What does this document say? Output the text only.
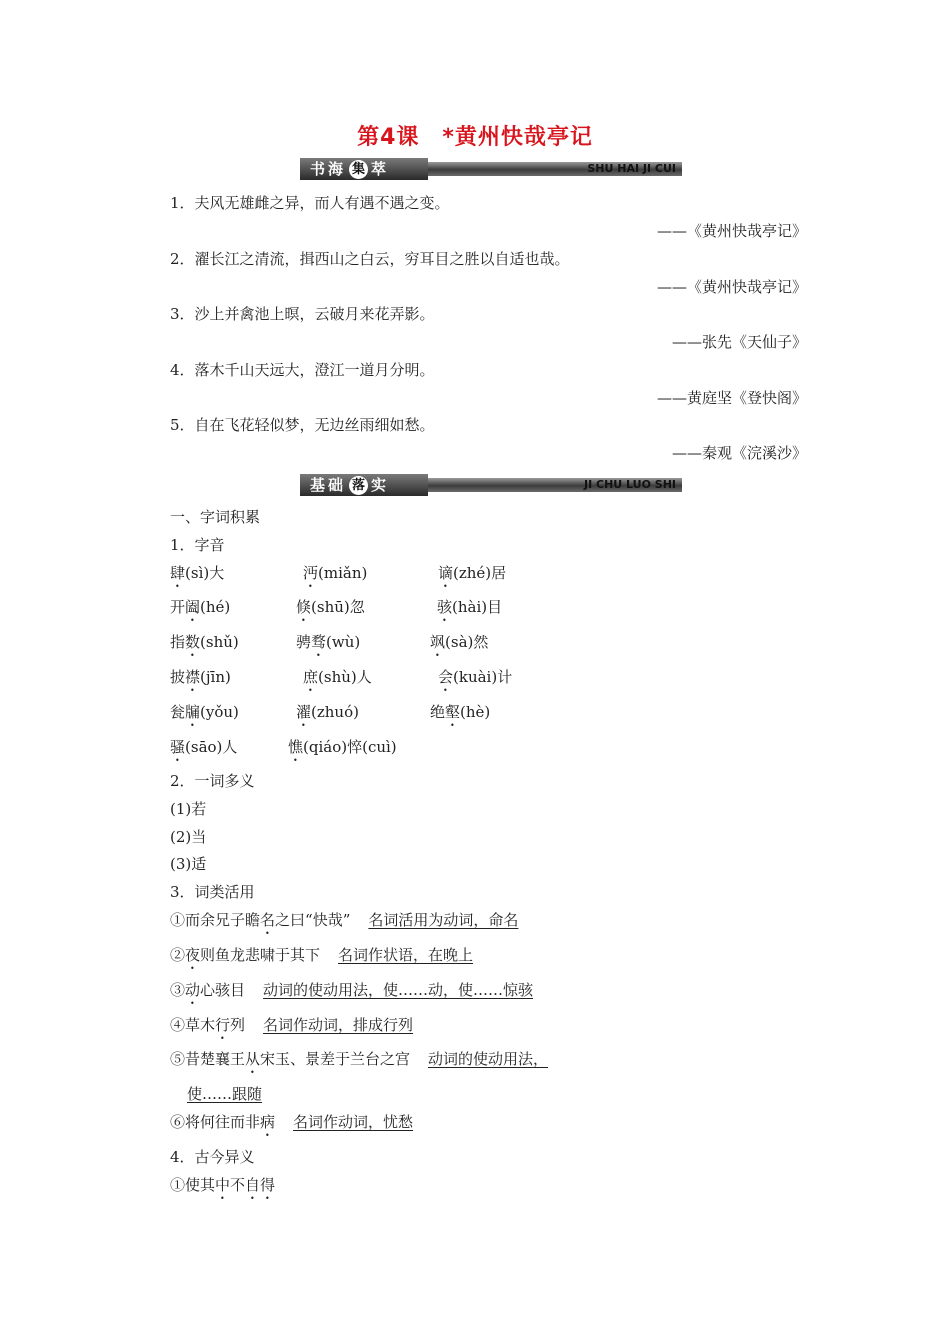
第4课　*黄州快哉亭记
书海 集 萃	SHU HAI JI CUI
1．夫风无雄雌之异，而人有遇不遇之变。
——《黄州快哉亭记》
2．濯长江之清流，揖西山之白云，穷耳目之胜以自适也哉。
——《黄州快哉亭记》
3．沙上并禽池上暝，云破月来花弄影。
——张先《天仙子》
4．落木千山天远大，澄江一道月分明。
——黄庭坚《登快阁》
5．自在飞花轻似梦，无边丝雨细如愁。
——秦观《浣溪沙》
基础 落 实	JI CHU LUO SHI
一、字词积累
1．字音
肆(sì)大	沔(miǎn)	谪(zhé)居
开阖(hé)	倏(shū)忽	骇(hài)目
指数(shǔ)	骋骛(wù)	飒(sà)然
披襟(jīn)	庶(shù)人	会(kuài)计
瓮牖(yǒu)	濯(zhuó)	绝壑(hè)
骚(sāo)人	憔(qiáo)悴(cuì)
2．一词多义
(1)若
(2)当
(3)适
3．词类活用
①而余兄子瞻名之曰“快哉” 名词活用为动词，命名
②夜则鱼龙悲啸于其下 名词作状语，在晚上
③动心骇目 动词的使动用法，使……动，使……惊骇
④草木行列 名词作动词，排成行列
⑤昔楚襄王从宋玉、景差于兰台之宫 动词的使动用法，
使……跟随
⑥将何往而非病 名词作动词，忧愁
4．古今异义
①使其中不自得
